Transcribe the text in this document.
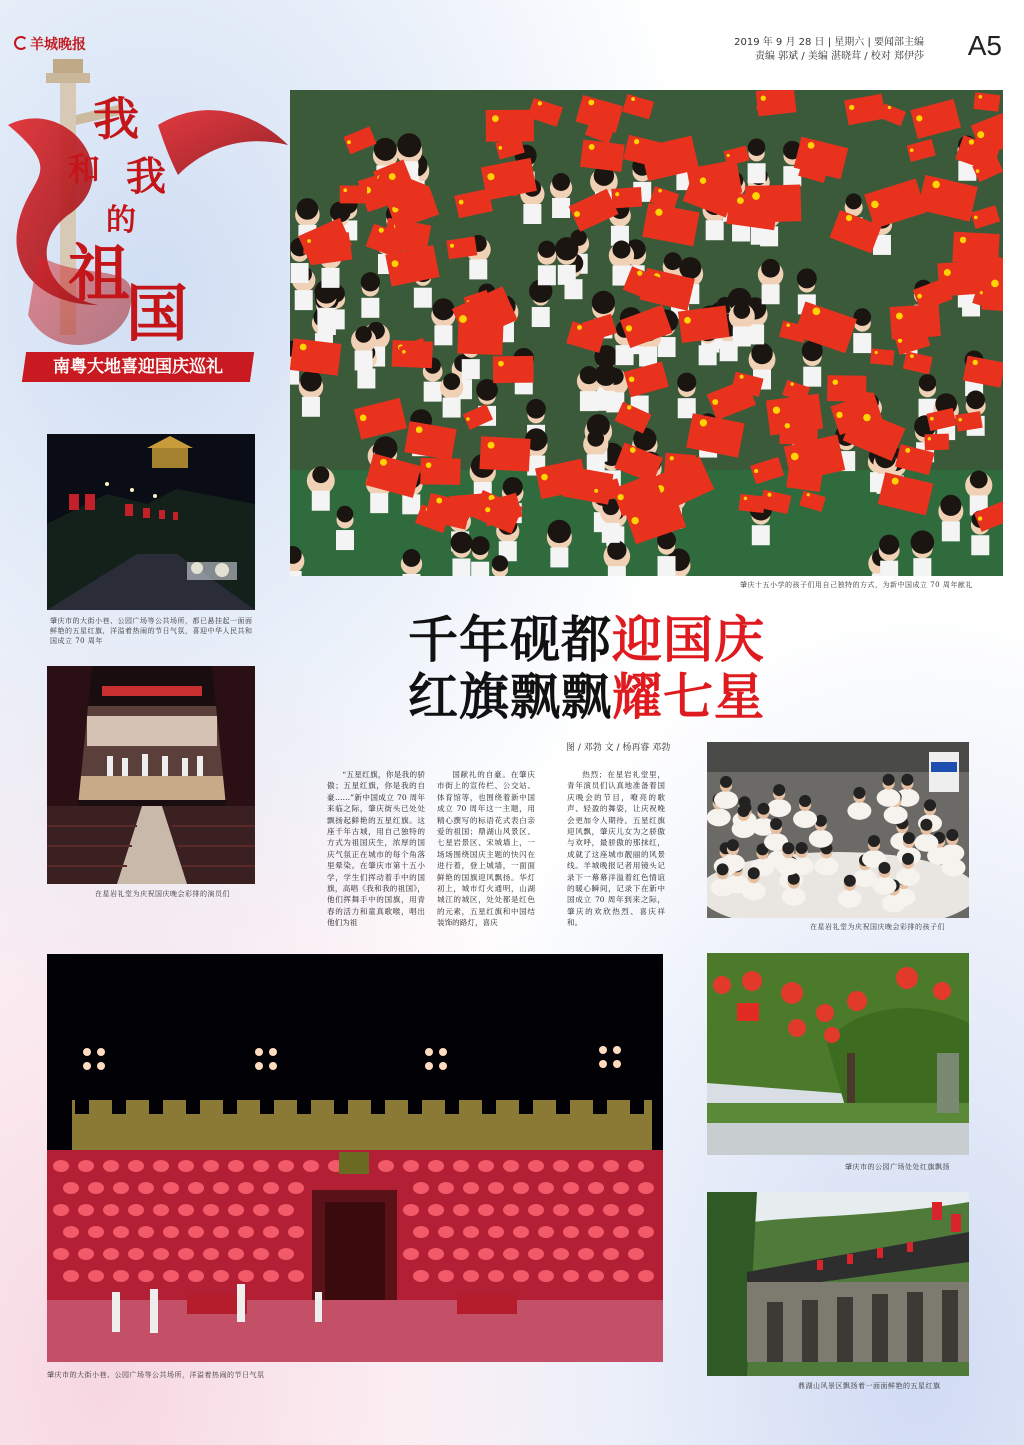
羊城晚报	2019 年 9 月 28 日 | 星期六 | 要闻部主编
责编 郭斌 / 美编 湛晓茸 / 校对 郑伊莎 A5
我
和 我
的
祖
国
南粤大地喜迎国庆巡礼
肇庆十五小学的孩子们用自己独特的方式，为新中国成立 70 周年献礼
肇庆市的大街小巷、公园广场等公共场所，都已悬挂起一面面鲜艳的五星红旗，洋溢着热闹的节日气氛，喜迎中华人民共和国成立 70 周年
在星岩礼堂为庆祝国庆晚会彩排的演员们
千年砚都迎国庆
红旗飘飘耀七星
图 / 邓勃 文 / 杨再睿 邓勃

“五星红旗，你是我的骄傲；五星红旗，你是我的自豪……”新中国成立 70 周年来临之际，肇庆街头已处处飘扬起鲜艳的五星红旗。这座千年古城，用自己独特的方式为祖国庆生，浓厚的国庆气氛正在城市的每个角落里晕染。在肇庆市第十五小学，学生们挥动着手中的国旗，高唱《我和我的祖国》，他们挥舞手中的国旗，用青春的活力和童真歌喉，唱出他们为祖

国献礼的自豪。在肇庆市街上的宣传栏、公交站、体育馆等，也围绕着新中国成立 70 周年这一主题，用精心撰写的标语花式表白亲爱的祖国；鼎湖山风景区、七星岩景区、宋城墙上，一场场围绕国庆主题的快闪在进行着，登上城墙，一面面鲜艳的国旗迎风飘扬。华灯初上，城市灯火通明，山湖城江的城区，处处都是红色的元素，五星红旗和中国结装饰的路灯，喜庆

热烈；在星岩礼堂里，青年演员们认真地准备着国庆晚会的节目，嘹亮的歌声、轻盈的舞姿，让庆祝晚会更加令人期待。五星红旗迎风飘，肇庆儿女为之骄傲与欢呼，最骄傲的那抹红，成就了这座城市靓丽的风景线。羊城晚报记者用镜头记录下一幕幕洋溢着红色情谊的暖心瞬间，记录下在新中国成立 70 周年到来之际，肇庆的欢欣热烈、喜庆祥和。	在星岩礼堂为庆祝国庆晚会彩排的孩子们
肇庆市的大街小巷、公园广场等公共场所，洋溢着热闹的节日气氛
肇庆市的公园广场处处红旗飘扬
鼎湖山风景区飘扬着一面面鲜艳的五星红旗
